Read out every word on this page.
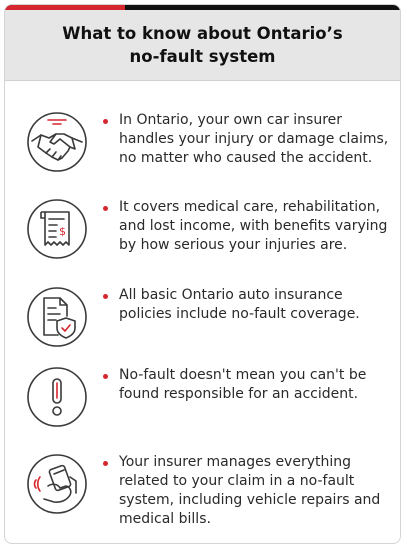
What to know about Ontario’s
no-fault system
In Ontario, your own car insurer handles your injury or damage claims, no matter who caused the accident.
$
It covers medical care, rehabilitation, and lost income, with benefits varying by how serious your injuries are.
All basic Ontario auto insurance policies include no-fault coverage.
No-fault doesn't mean you can't be found responsible for an accident.
Your insurer manages everything related to your claim in a no-fault system, including vehicle repairs and medical bills.
